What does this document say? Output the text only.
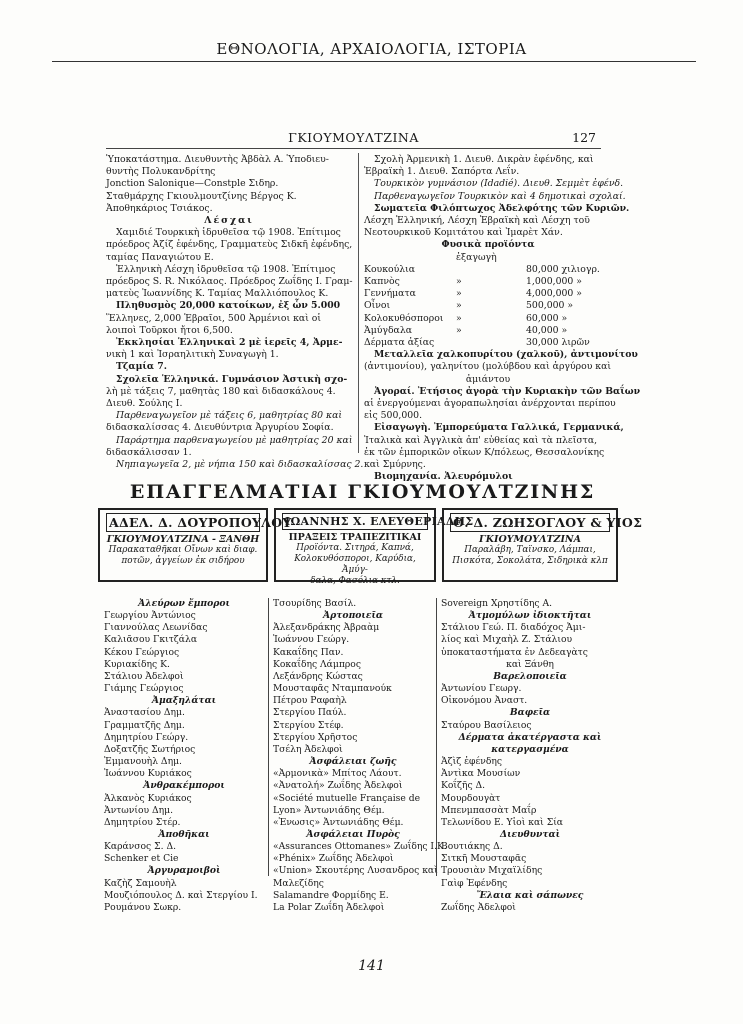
ΕΘΝΟΛΟΓΙΑ, ΑΡΧΑΙΟΛΟΓΙΑ, ΙΣΤΟΡΙΑ
ΓΚΙΟΥΜΟΥΛΤΖΙΝΑ	127

Ὑποκατάστημα. Διευθυντὴς Ἀβδὰλ Α. Ὑποδιευ-

θυντὴς Πολυκανδρίτης

Jonction Salonique—Constple Σιδηρ.

Σταθμάρχης Γκιουλμουτζίνης Βέργος Κ.

Ἀποθηκάριος Τσιάκος.

Λέσχαι

Χαμιδιέ Τουρκικὴ ἱδρυθεῖσα τῷ 1908. Ἐπίτιμος

πρόεδρος Ἀζίζ ἐφένδης, Γραμματεὺς Σιδκῆ ἐφένδης,

ταμίας Παναγιώτου Ε.

Ἑλληνικὴ Λέσχη ἱδρυθεῖσα τῷ 1908. Ἐπίτιμος

πρόεδρος S. R. Νικόλαος. Πρόεδρος Ζωΐδης Ι. Γραμ-

ματεὺς Ἰωαννίδης Κ. Ταμίας Μαλλιόπουλος Κ.

Πληθυσμὸς 20,000 κατοίκων, ἐξ ὧν 5.000

Ἕλληνες, 2,000 Ἑβραῖοι, 500 Ἀρμένιοι καὶ οἱ

λοιποὶ Τοῦρκοι ἤτοι 6,500.

Ἐκκλησίαι Ἑλληνικαὶ 2 μὲ ἱερεῖς 4, Ἀρμε-

νικὴ 1 καὶ Ἰσραηλιτικὴ Συναγωγὴ 1.

Τζαμία 7.

Σχολεῖα Ἑλληνικά. Γυμνάσιον Ἀστικὴ σχο-

λὴ μὲ τάξεις 7, μαθητὰς 180 καὶ διδασκάλους 4.

Διευθ. Σούλης Ι.

Παρθεναγωγεῖον μὲ τάξεις 6, μαθητρίας 80 καὶ

διδασκαλίσσας 4. Διευθύντρια Ἀργυρίου Σοφία.

Παράρτημα παρθεναγωγείου μὲ μαθητρίας 20 καὶ

διδασκάλισσαν 1.

Νηπιαγωγεῖα 2, μὲ νήπια 150 καὶ διδασκαλίσσας 2.

Σχολὴ Ἀρμενικὴ 1. Διευθ. Δικρὰν ἐφένδης, καὶ

Ἑβραϊκὴ 1. Διευθ. Σαπόρτα Λεΐν.

Τουρκικὸν γυμνάσιον (Idadié). Διευθ. Σεμμὲτ ἐφένδ.

Παρθεναγωγεῖον Τουρκικὸν καὶ 4 δημοτικαὶ σχολαί.

Σωματεῖα Φιλόπτωχος Ἀδελφότης τῶν Κυριῶν.

Λέσχη Ἑλληνική, Λέσχη Ἑβραϊκὴ καὶ Λέσχη τοῦ

Νεοτουρκικοῦ Κομιτάτου καὶ Ἰμαρὲτ Χάν.

Φυσικὰ προϊόντα

ἐξαγωγὴ
Κουκούλια	80,000 χιλιογρ.
Καπνὸς	»	1,000,000 »
Γεννήματα	»	4,000,000 »
Οἶνοι	»	500,000 »
Κολοκυθόσποροι	»	60,000 »
Ἀμύγδαλα	»	40,000 »
Δέρματα ἀξίας	30,000 λιρῶν

Μεταλλεῖα χαλκοπυρίτου (χαλκοῦ), ἀντιμονίτου

(ἀντιμονίου), γαληνίτου (μολύβδου καὶ ἀργύρου καὶ

ἀμιάντου

Ἀγοραί. Ἐτήσιος ἀγορὰ τὴν Κυριακὴν τῶν Βαΐων

αἱ ἐνεργούμεναι ἀγοραπωλησίαι ἀνέρχονται περίπου

εἰς 500,000.

Εἰσαγωγὴ. Ἐμπορεύματα Γαλλικά, Γερμανικά,

Ἰταλικὰ καὶ Ἀγγλικὰ ἀπ' εὐθείας καὶ τὰ πλεῖστα,

ἐκ τῶν ἐμπορικῶν οἴκων Κ/πόλεως, Θεσσαλονίκης

καὶ Σμύρνης.

Βιομηχανία. Ἀλευρόμυλοι

ΕΠΑΓΓΕΛΜΑΤΙΑΙ ΓΚΙΟΥΜΟΥΛΤΖΙΝΗΣ
ΑΔΕΛ. Δ. ΔΟΥΡΟΠΟΥΛΟΥ

ΓΚΙΟΥΜΟΥΛΤΖΙΝΑ - ΞΑΝΘΗ

Παρακαταθῆκαι Οἴνων καὶ διαφ.

ποτῶν, ἀγγείων ἐκ σιδήρου

ΙΩΑΝΝΗΣ Χ. ΕΛΕΥΘΕΡΙΑΔΗΣ

ΠΡΑΞΕΙΣ ΤΡΑΠΕΖΙΤΙΚΑΙ

Προϊόντα. Σιτηρά, Καπνά,

Κολοκυθόσποροι, Καρύδια, Ἀμύγ-

δαλα, Φασόλια κτλ.

Θ. Δ. ΖΩΗΣΟΓΛΟΥ & ΥΙΟΣ

ΓΚΙΟΥΜΟΥΛΤΖΙΝΑ

Παραλάβη, Ταϊνσκο, Λάμπαι,

Πισκότα, Σοκολάτα, Σιδηρικὰ κλπ

Ἀλεύρων ἔμποροι

Γεωργίου Ἀντώνιος

Γιαννούλας Λεωνίδας

Καλιᾶσου Γκιτζάλα

Κέκου Γεώργιος

Κυριακίδης Κ.

Στάλιου Ἀδελφοὶ

Γιάμης Γεώργιος

Ἀμαξηλάται

Ἀναστασίου Δημ.

Γραμματζῆς Δημ.

Δημητρίου Γεώργ.

Δοξατζῆς Σωτήριος

Ἐμμανουὴλ Δημ.

Ἰωάννου Κυριάκος

Ἀνθρακέμποροι

Ἀλκανὸς Κυριάκος

Ἀντωνίου Δημ.

Δημητρίου Στέρ.

Ἀποθῆκαι

Καράνσος Σ. Δ.

Schenker et Cie

Ἀργυραμοιβοὶ

Καζὴζ Σαμουὴλ

Μουζιόπουλος Δ. καὶ Στεργίου Ι.

Ρουμάνου Σωκρ.

Τσουρίδης Βασίλ.

Ἀρτοποιεῖα

Ἀλεξανδράκης Ἀβραὰμ

Ἰωάννου Γεώργ.

Κακαΐδης Παν.

Κοκαΐδης Λάμπρος

Λεξάνδρης Κώστας

Μουσταφᾶς Νταμπανούκ

Πέτρου Ραφαὴλ

Στεργίου Παύλ.

Στεργίου Στέφ.

Στεργίου Χρῆστος

Τσέλη Ἀδελφοὶ

Ἀσφάλειαι ζωῆς

«Ἀρμονικὰ» Μπίτος Λάουτ.

«Ἀνατολή» Ζωΐδης Ἀδελφοὶ

«Société mutuelle Française de

Lyon» Ἀντωνιάδης Θέμ.

«Ἑνωσις» Ἀντωνιάδης Θέμ.

Ἀσφάλειαι Πυρὸς

«Assurances Ottomanes» Ζωΐδης Ι.Κ.

«Phénix» Ζωΐδης Ἀδελφοὶ

«Union» Σκουτέρης Λυσανδρος καὶ

Μαλεζίδης

Salamandrе Φορμίδης Ε.

La Polar Ζωΐδη Ἀδελφοὶ

Sovereign Χρηστίδης Α.

Ἀτμομύλων ἰδιοκτῆται

Στάλιου Γεώ. Π. διαδόχος Ἀμι-

λίος καὶ Μιχαὴλ Ζ. Στάλιου

ὑποκαταστήματα ἐν Δεδεαγὰτς

καὶ Ξάνθη

Βαρελοποιεῖα

Ἀντωνίου Γεωργ.

Οἰκονόμου Ἀναστ.

Βαφεῖα

Σταύρου Βασίλειος

Δέρματα ἀκατέργαστα καὶ

κατεργασμένα

Ἀζὶζ ἐφένδης

Ἀντὶκα Μουσίων

Κοΐζῆς Δ.

Μουρδουγὰτ

Μπενμπασσὰτ Μαΐρ

Τελωνίδου Ε. Υἱοὶ καὶ Σία

Διευθυνταὶ

Βουτιάκης Δ.

Σιτκῆ Μουσταφᾶς

Τρουσιὰν Μιχαϊλίδης

Γαὶφ Ἐφένδης

Ἔλαια καὶ σάπωνες

Ζωΐδης Ἀδελφοὶ

141
